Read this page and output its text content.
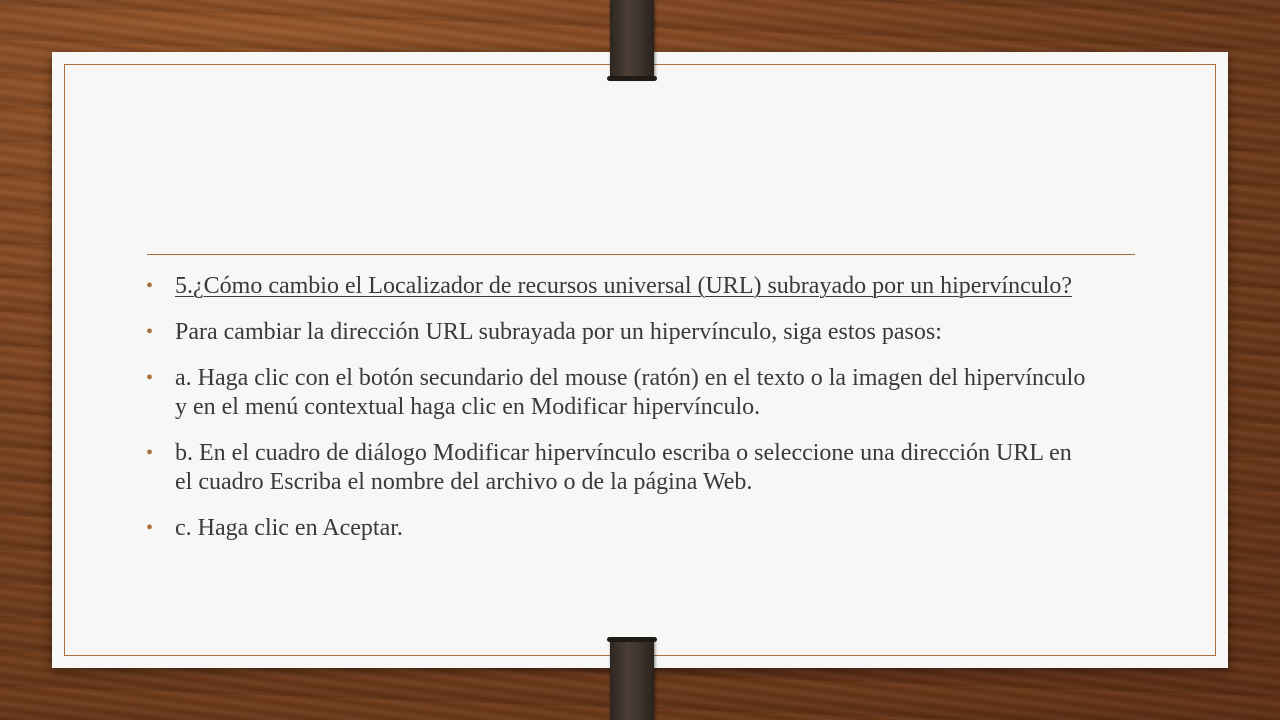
• 5.¿Cómo cambio el Localizador de recursos universal (URL) subrayado por un hipervínculo?
• Para cambiar la dirección URL subrayada por un hipervínculo, siga estos pasos:
• a. Haga clic con el botón secundario del mouse (ratón) en el texto o la imagen del hipervínculo y en el menú contextual haga clic en Modificar hipervínculo.
• b. En el cuadro de diálogo Modificar hipervínculo escriba o seleccione una dirección URL en el cuadro Escriba el nombre del archivo o de la página Web.
• c. Haga clic en Aceptar.
